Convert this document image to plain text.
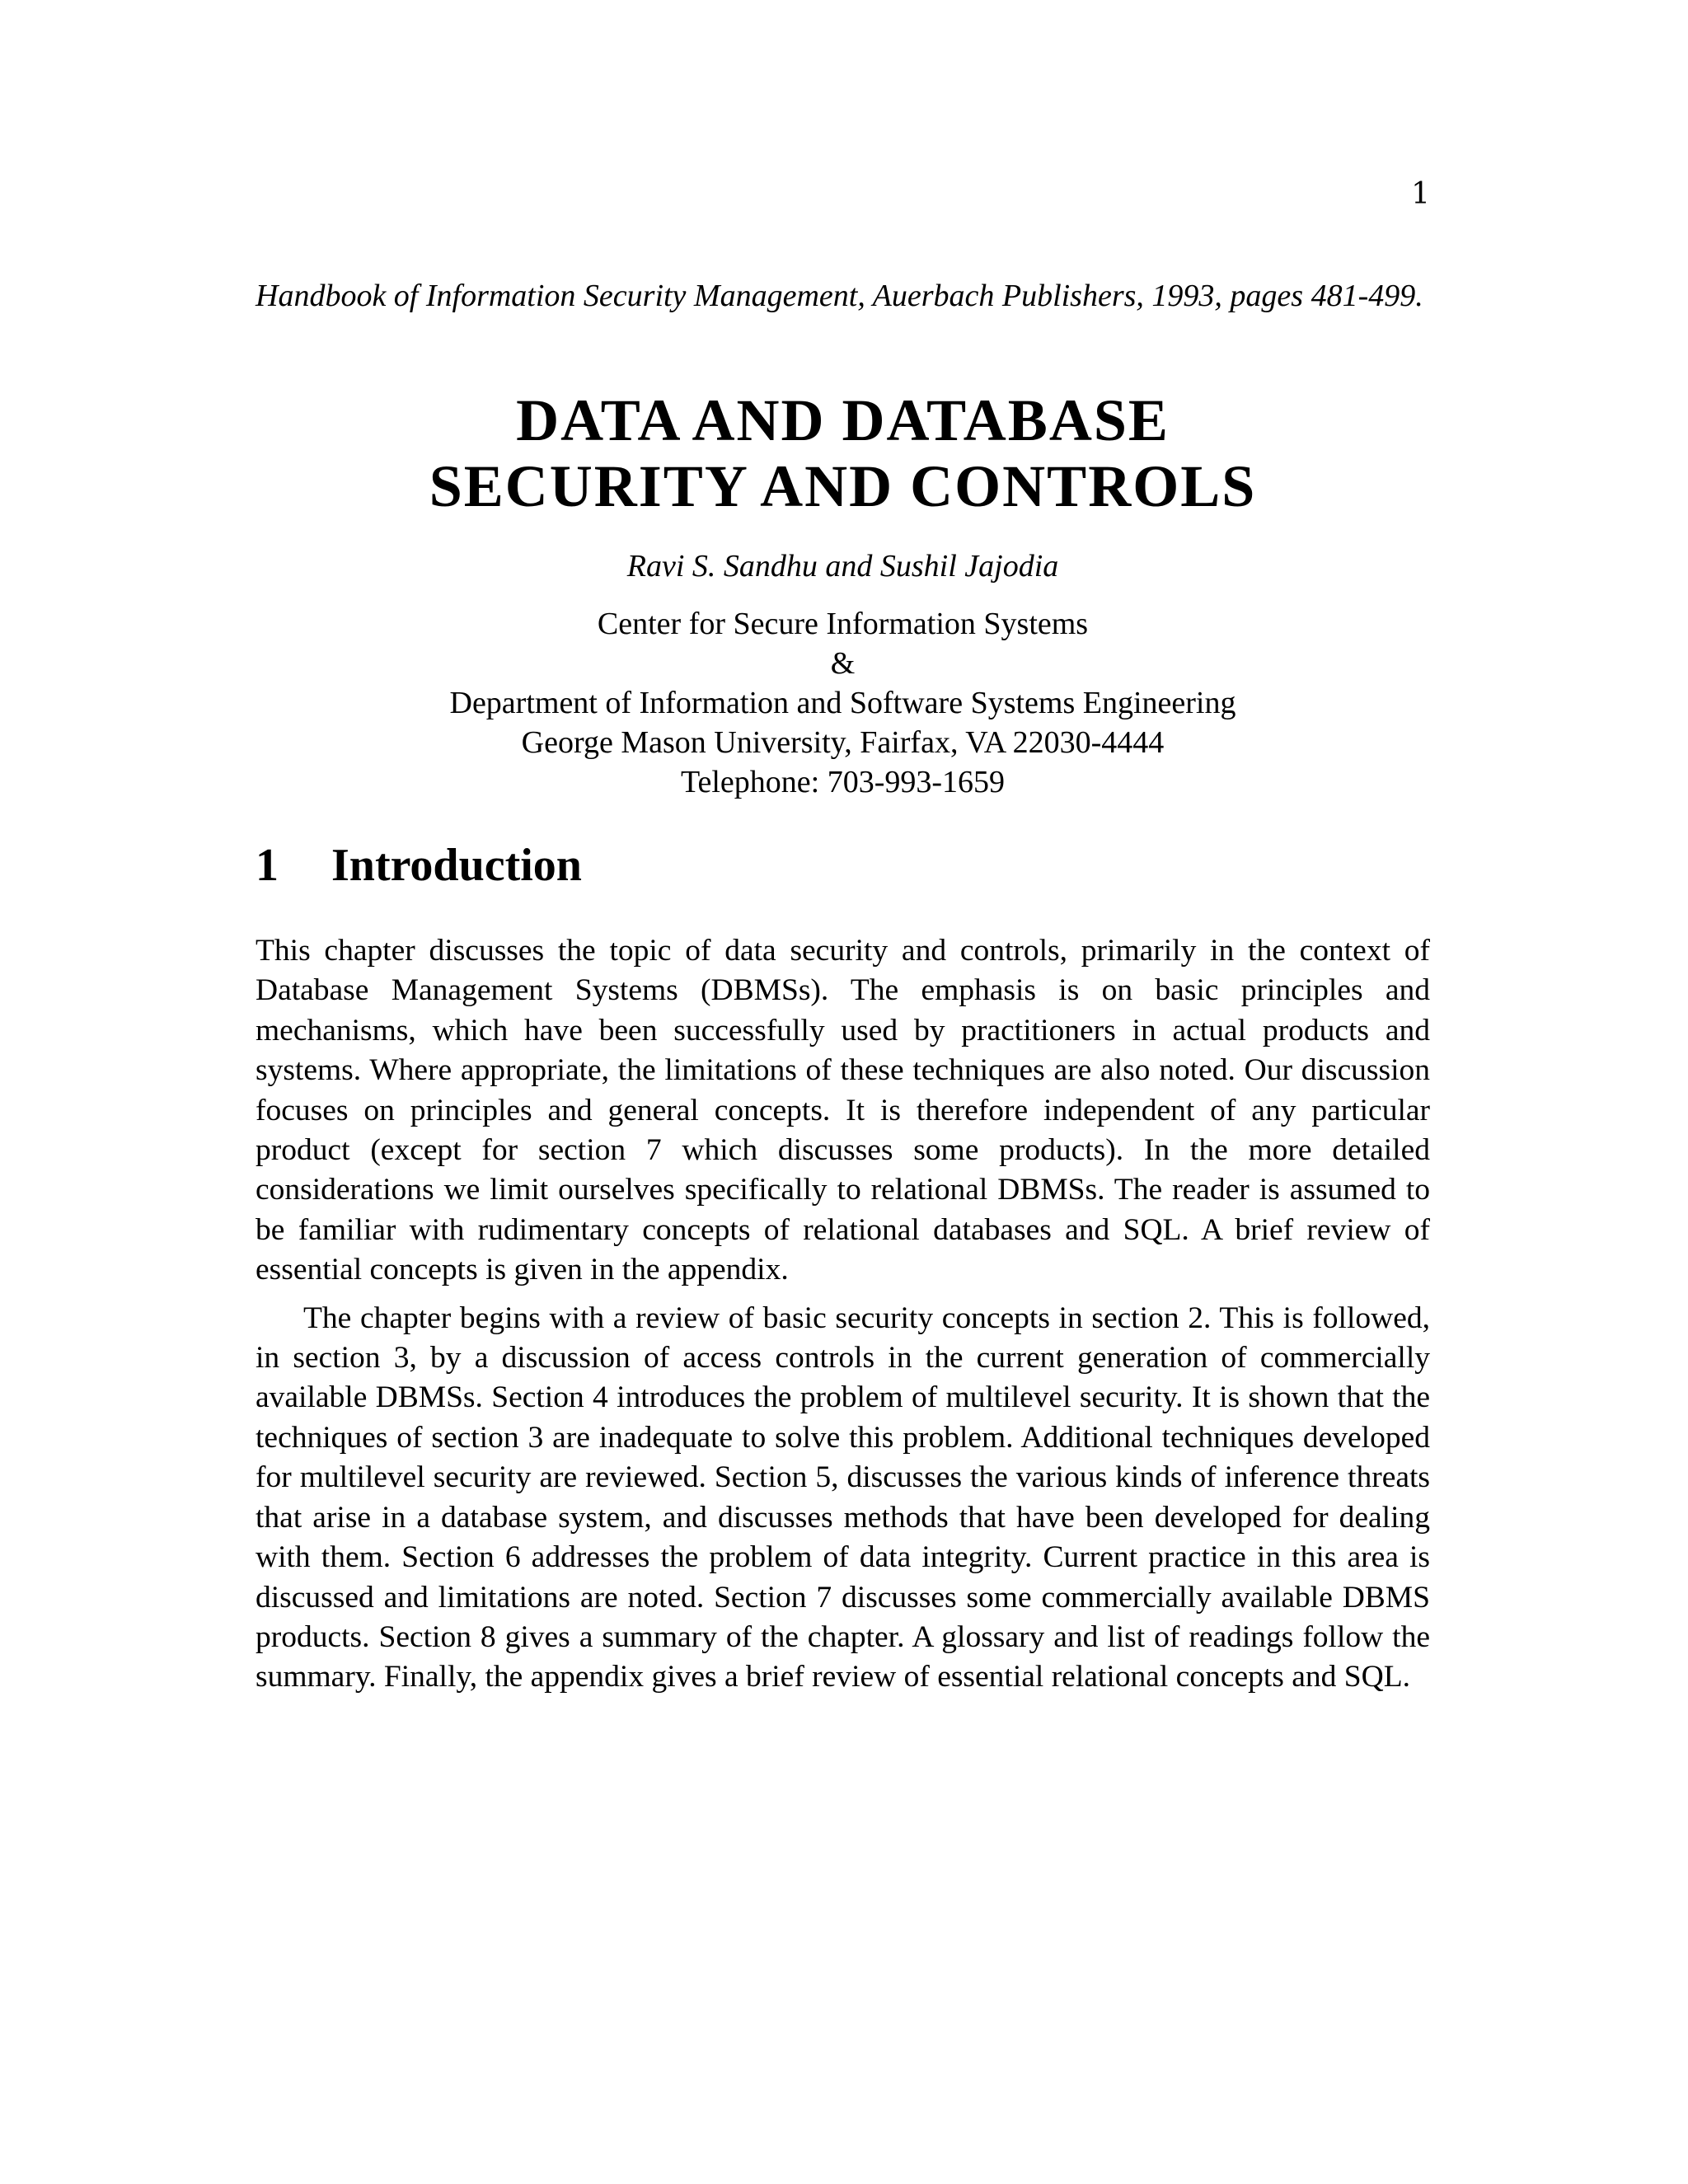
1
Handbook of Information Security Management, Auerbach Publishers, 1993, pages 481-499.
DATA AND DATABASE
SECURITY AND CONTROLS
Ravi S. Sandhu and Sushil Jajodia
Center for Secure Information Systems
&
Department of Information and Software Systems Engineering
George Mason University, Fairfax, VA 22030-4444
Telephone: 703-993-1659
1 Introduction

This chapter discusses the topic of data security and controls, primarily in the context of Database Management Systems (DBMSs). The emphasis is on basic principles and mechanisms, which have been successfully used by practitioners in actual products and systems. Where appropriate, the limitations of these techniques are also noted. Our discussion focuses on principles and general concepts. It is therefore independent of any particular product (except for section 7 which discusses some products). In the more detailed considerations we limit ourselves specifically to relational DBMSs. The reader is assumed to be familiar with rudimentary concepts of relational databases and SQL. A brief review of essential concepts is given in the appendix.

The chapter begins with a review of basic security concepts in section 2. This is followed, in section 3, by a discussion of access controls in the current generation of commercially available DBMSs. Section 4 introduces the problem of multilevel security. It is shown that the techniques of section 3 are inadequate to solve this problem. Additional techniques developed for multilevel security are reviewed. Section 5, discusses the various kinds of inference threats that arise in a database system, and discusses methods that have been developed for dealing with them. Section 6 addresses the problem of data integrity. Current practice in this area is discussed and limitations are noted. Section 7 discusses some commercially available DBMS products. Section 8 gives a summary of the chapter. A glossary and list of readings follow the summary. Finally, the appendix gives a brief review of essential relational concepts and SQL.
